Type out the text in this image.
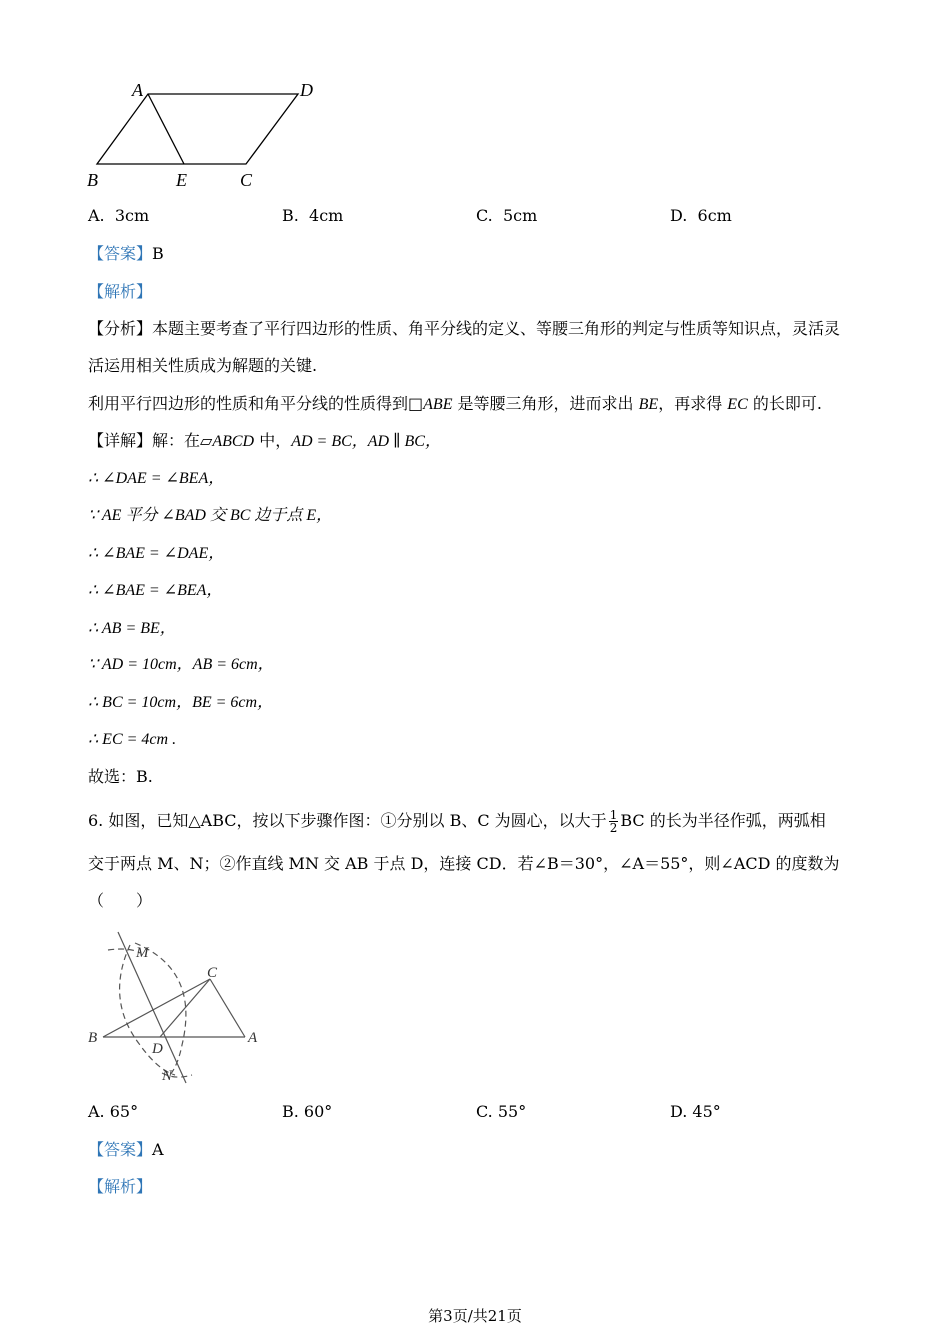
A	D
B	E	C
A. 3cm	B. 4cm	C. 5cm	D. 6cm
【答案】B
【解析】
【分析】本题主要考查了平行四边形的性质、角平分线的定义、等腰三角形的判定与性质等知识点，灵活灵
活运用相关性质成为解题的关键.
利用平行四边形的性质和角平分线的性质得到□ABE 是等腰三角形，进而求出 BE，再求得 EC 的长即可.
【详解】解：在▱ABCD 中，AD = BC，AD ∥ BC，
∴ ∠DAE = ∠BEA，
∵ AE 平分 ∠BAD 交 BC 边于点 E，
∴ ∠BAE = ∠DAE，
∴ ∠BAE = ∠BEA，
∴ AB = BE，
∵ AD = 10cm，AB = 6cm，
∴ BC = 10cm，BE = 6cm，
∴ EC = 4cm .
故选：B.
6. 如图，已知△ABC，按以下步骤作图：①分别以 B、C 为圆心，以大于 $\frac{1}{2}$ BC 的长为半径作弧，两弧相
交于两点 M、N；②作直线 MN 交 AB 于点 D，连接 CD．若∠B＝30°，∠A＝55°，则∠ACD 的度数为
（　　）
M
C
B
D
A
N
A. 65°	B. 60°	C. 55°	D. 45°
【答案】A
【解析】
第3页/共21页
